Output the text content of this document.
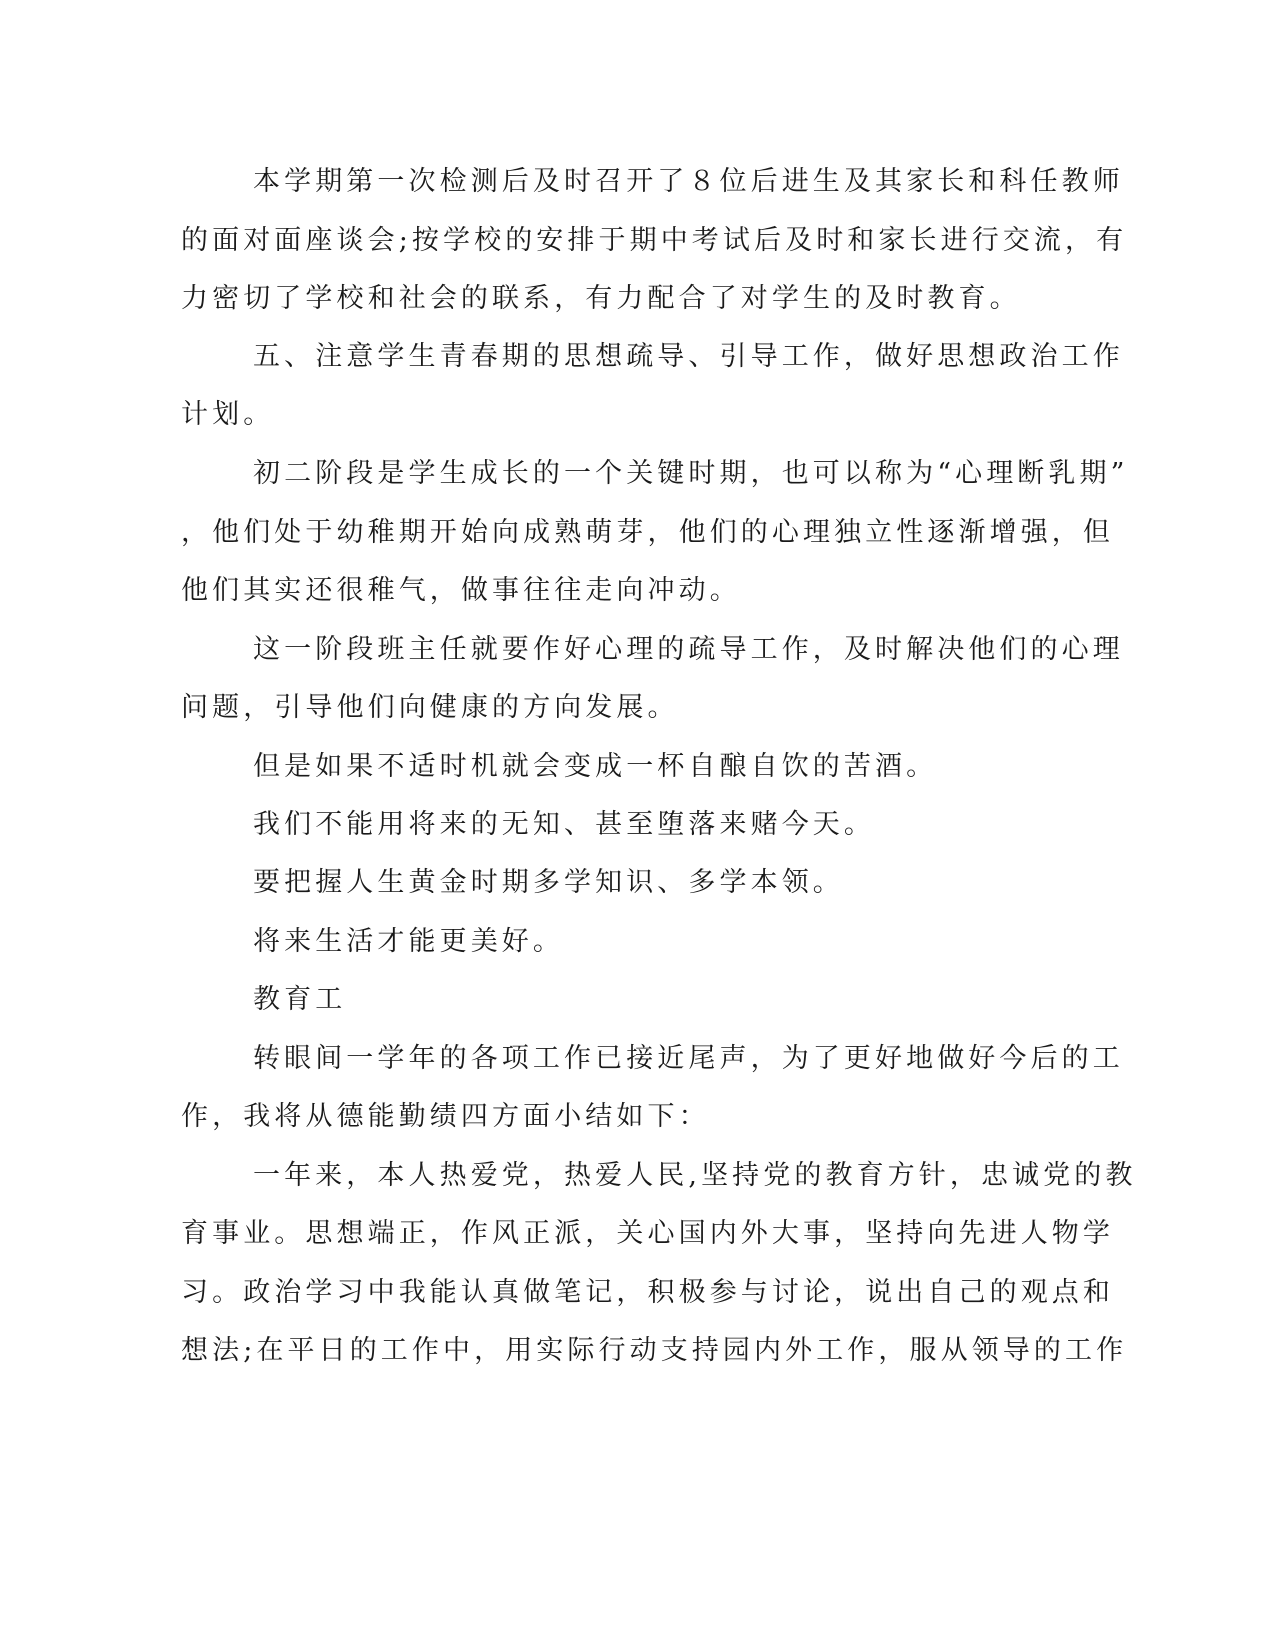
本学期第一次检测后及时召开了８位后进生及其家长和科任教师
的面对面座谈会;按学校的安排于期中考试后及时和家长进行交流，有
力密切了学校和社会的联系，有力配合了对学生的及时教育。
五、注意学生青春期的思想疏导、引导工作，做好思想政治工作
计划。
初二阶段是学生成长的一个关键时期，也可以称为“心理断乳期”
，他们处于幼稚期开始向成熟萌芽，他们的心理独立性逐渐增强，但
他们其实还很稚气，做事往往走向冲动。
这一阶段班主任就要作好心理的疏导工作，及时解决他们的心理
问题，引导他们向健康的方向发展。
但是如果不适时机就会变成一杯自酿自饮的苦酒。
我们不能用将来的无知、甚至堕落来赌今天。
要把握人生黄金时期多学知识、多学本领。
将来生活才能更美好。
教育工
转眼间一学年的各项工作已接近尾声，为了更好地做好今后的工
作，我将从德能勤绩四方面小结如下：
一年来，本人热爱党，热爱人民,坚持党的教育方针，忠诚党的教
育事业。思想端正，作风正派，关心国内外大事，坚持向先进人物学
习。政治学习中我能认真做笔记，积极参与讨论，说出自己的观点和
想法;在平日的工作中，用实际行动支持园内外工作，服从领导的工作
